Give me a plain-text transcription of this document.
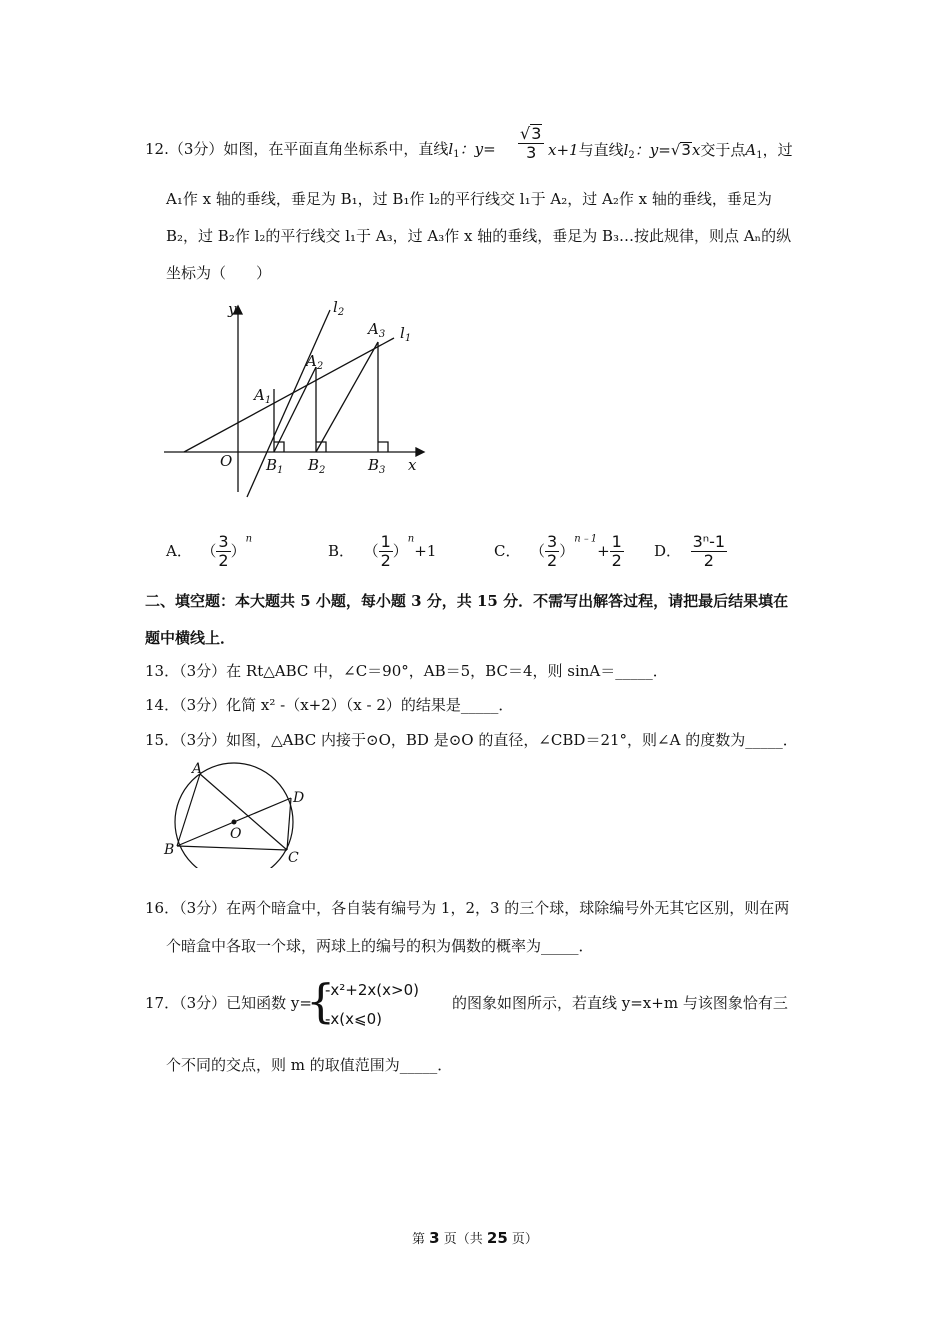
12.（3分）如图，在平面直角坐标系中，直线$l_1$：$y= \frac{√3}{3} x+1$与直线$l_2$：y=√3x交于点$A_1$，过
A₁作 x 轴的垂线，垂足为 B₁，过 B₁作 l₂的平行线交 l₁于 A₂，过 A₂作 x 轴的垂线，垂足为
B₂，过 B₂作 l₂的平行线交 l₁于 A₃，过 A₃作 x 轴的垂线，垂足为 B₃…按此规律，则点 Aₙ的纵
坐标为（　　）
y
x
O
$l_2$
$l_1$
$A_1$
$A_2$
$A_3$
$B_1$ $B_2$	$B_3$
A． （ $\frac{3}{2} )^n$
B． （ $\frac{1}{2} )^n+1$	C． （ $\frac{3}{2} )^{n﹣1}+ \frac{1}{2}$ D． $\frac{\text{3ⁿ-1}}{2}$
二、填空题：本大题共 5 小题，每小题 3 分，共 15 分．不需写出解答过程，请把最后结果填在
题中横线上．
13．（3分）在 Rt△ABC 中，∠C＝90°，AB＝5，BC＝4，则 sinA＝_____．
14．（3分）化简 x² -（x+2）（x - 2）的结果是_____．
15．（3分）如图，△ABC 内接于⊙O，BD 是⊙O 的直径，∠CBD＝21°，则∠A 的度数为_____．
A
B	C
D
O
16．（3分）在两个暗盒中，各自装有编号为 1，2，3 的三个球，球除编号外无其它区别，则在两
个暗盒中各取一个球，两球上的编号的积为偶数的概率为_____．
17．（3分）已知函数 y=
{
-x²+2x(x>0)
-x(x⩽0)
的图象如图所示，若直线 y=x+m 与该图象恰有三
个不同的交点，则 m 的取值范围为_____．
第 3 页（共 25 页）
